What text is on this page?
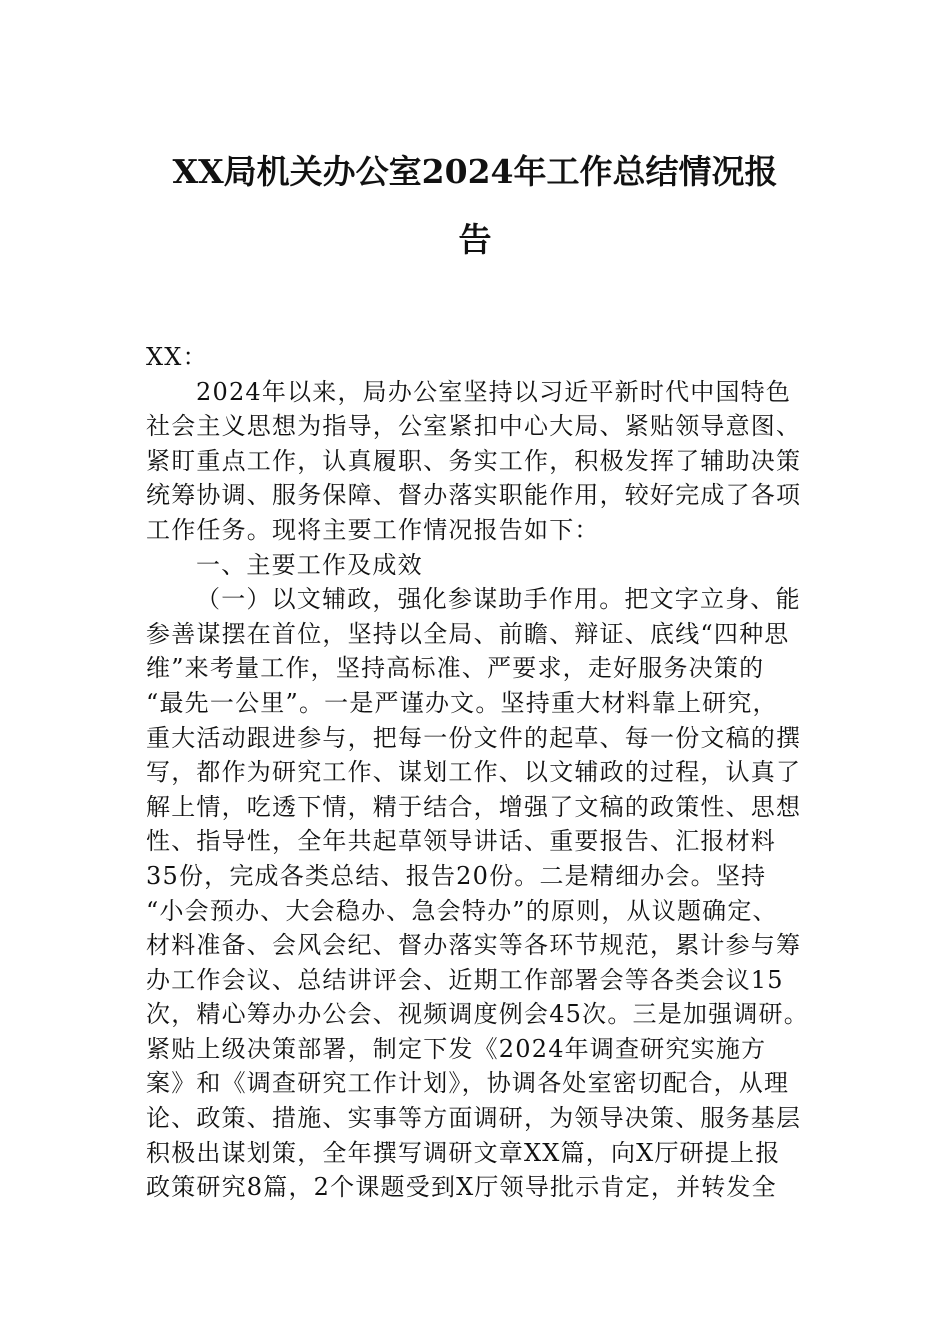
XX局机关办公室2024年工作总结情况报
告
XX：
2024年以来，局办公室坚持以习近平新时代中国特色
社会主义思想为指导，公室紧扣中心大局、紧贴领导意图、
紧盯重点工作，认真履职、务实工作，积极发挥了辅助决策
统筹协调、服务保障、督办落实职能作用，较好完成了各项
工作任务。现将主要工作情况报告如下：
一、主要工作及成效
（一）以文辅政，强化参谋助手作用。把文字立身、能
参善谋摆在首位，坚持以全局、前瞻、辩证、底线“四种思
维”来考量工作，坚持高标准、严要求，走好服务决策的
“最先一公里”。一是严谨办文。坚持重大材料靠上研究，
重大活动跟进参与，把每一份文件的起草、每一份文稿的撰
写，都作为研究工作、谋划工作、以文辅政的过程，认真了
解上情，吃透下情，精于结合，增强了文稿的政策性、思想
性、指导性，全年共起草领导讲话、重要报告、汇报材料
35份，完成各类总结、报告20份。二是精细办会。坚持
“小会预办、大会稳办、急会特办”的原则，从议题确定、
材料准备、会风会纪、督办落实等各环节规范，累计参与筹
办工作会议、总结讲评会、近期工作部署会等各类会议15
次，精心筹办办公会、视频调度例会45次。三是加强调研。
紧贴上级决策部署，制定下发《2024年调查研究实施方
案》和《调查研究工作计划》，协调各处室密切配合，从理
论、政策、措施、实事等方面调研，为领导决策、服务基层
积极出谋划策，全年撰写调研文章XX篇，向X厅研提上报
政策研究8篇，2个课题受到X厅领导批示肯定，并转发全
